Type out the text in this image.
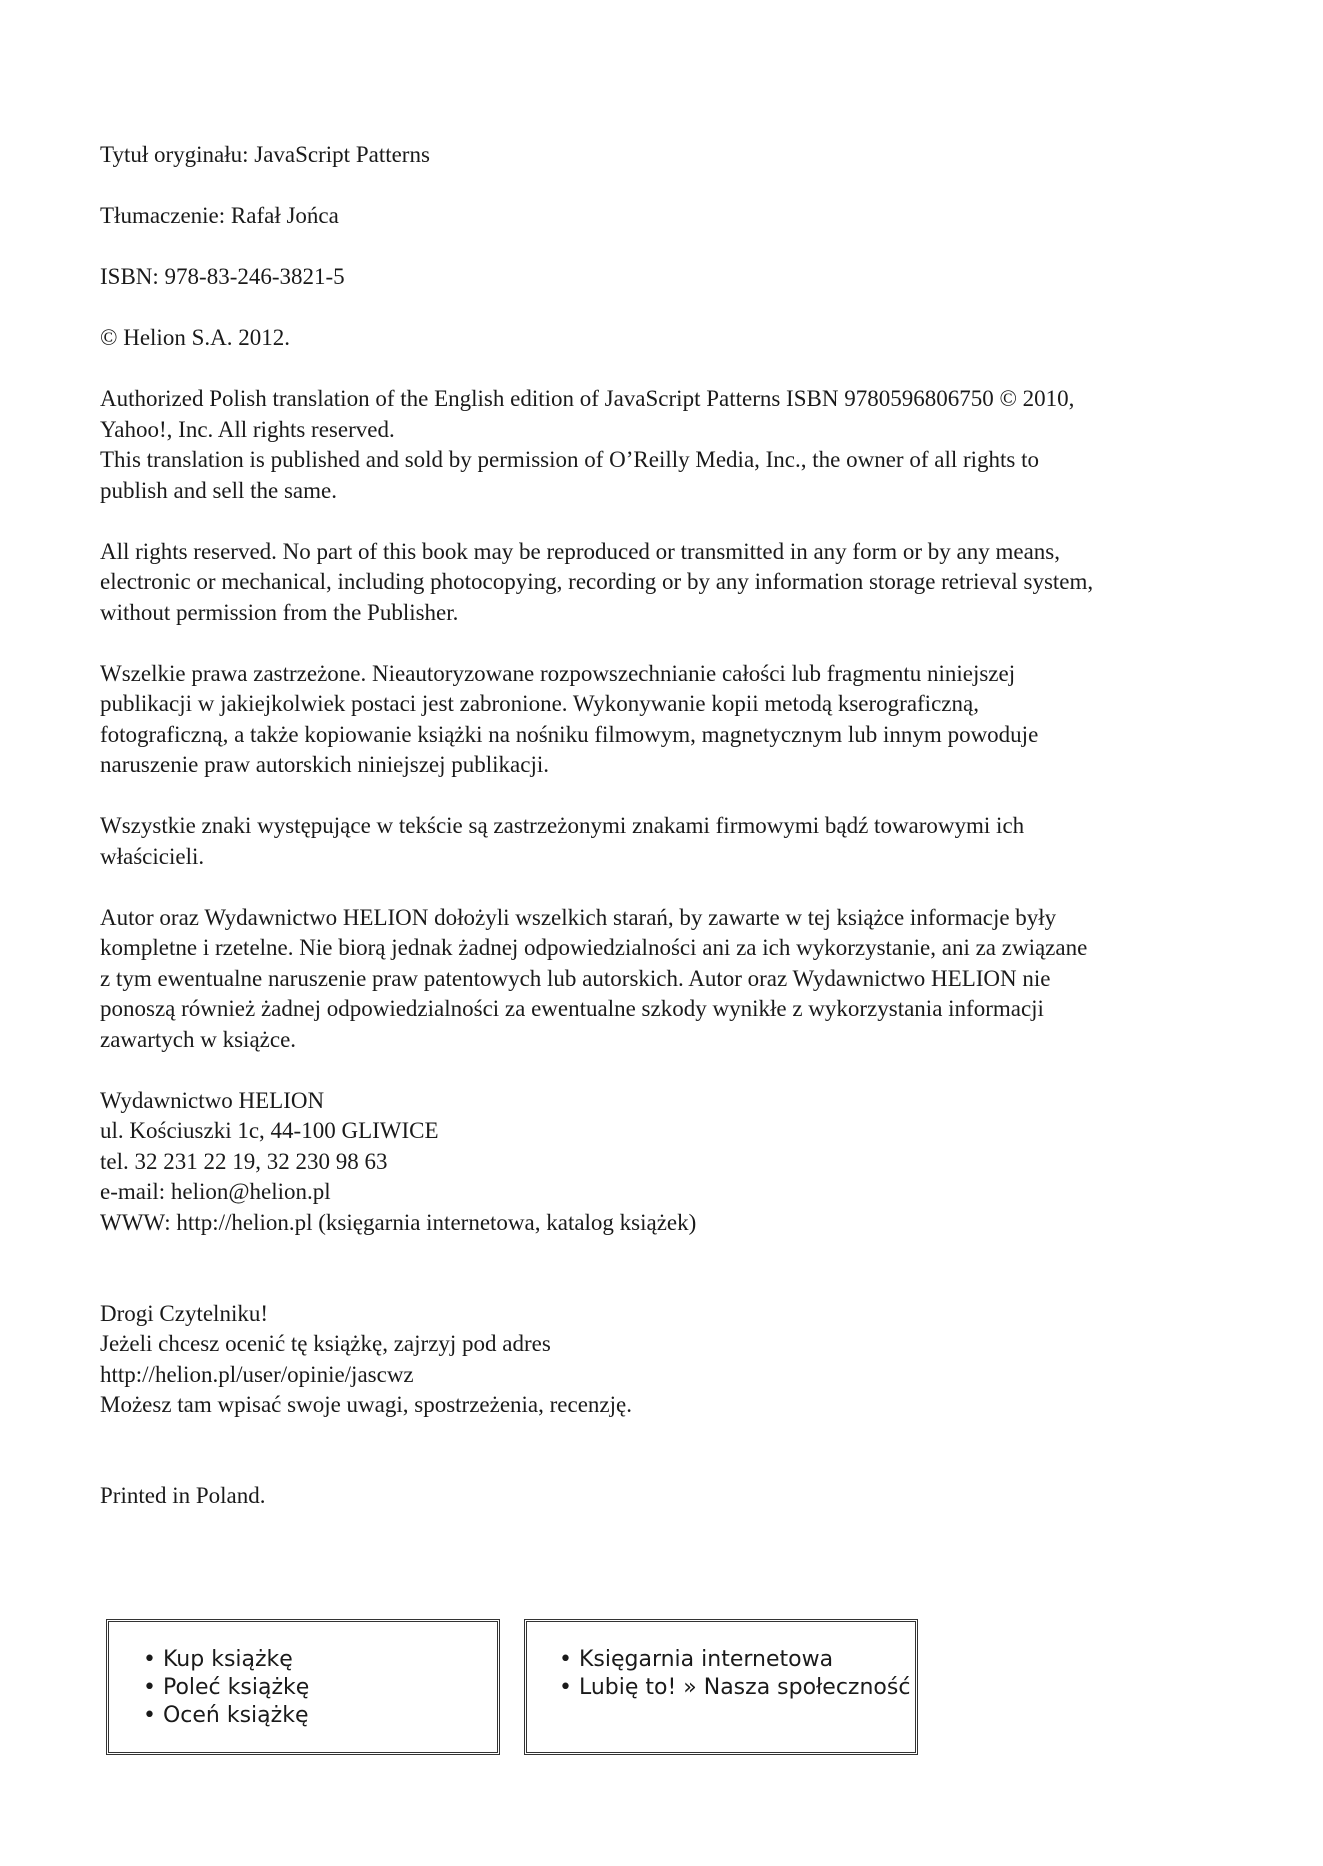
Tytuł oryginału: JavaScript Patterns

Tłumaczenie: Rafał Jońca

ISBN: 978-83-246-3821-5

© Helion S.A. 2012.

Authorized Polish translation of the English edition of JavaScript Patterns ISBN 9780596806750 © 2010,
Yahoo!, Inc. All rights reserved.
This translation is published and sold by permission of O’Reilly Media, Inc., the owner of all rights to
publish and sell the same.

All rights reserved. No part of this book may be reproduced or transmitted in any form or by any means,
electronic or mechanical, including photocopying, recording or by any information storage retrieval system,
without permission from the Publisher.

Wszelkie prawa zastrzeżone. Nieautoryzowane rozpowszechnianie całości lub fragmentu niniejszej
publikacji w jakiejkolwiek postaci jest zabronione. Wykonywanie kopii metodą kserograficzną,
fotograficzną, a także kopiowanie książki na nośniku filmowym, magnetycznym lub innym powoduje
naruszenie praw autorskich niniejszej publikacji.

Wszystkie znaki występujące w tekście są zastrzeżonymi znakami firmowymi bądź towarowymi ich
właścicieli.

Autor oraz Wydawnictwo HELION dołożyli wszelkich starań, by zawarte w tej książce informacje były
kompletne i rzetelne. Nie biorą jednak żadnej odpowiedzialności ani za ich wykorzystanie, ani za związane
z tym ewentualne naruszenie praw patentowych lub autorskich. Autor oraz Wydawnictwo HELION nie
ponoszą również żadnej odpowiedzialności za ewentualne szkody wynikłe z wykorzystania informacji
zawartych w książce.

Wydawnictwo HELION
ul. Kościuszki 1c, 44-100 GLIWICE
tel. 32 231 22 19, 32 230 98 63
e-mail: helion@helion.pl
WWW: http://helion.pl (księgarnia internetowa, katalog książek)

Drogi Czytelniku!
Jeżeli chcesz ocenić tę książkę, zajrzyj pod adres
http://helion.pl/user/opinie/jascwz
Możesz tam wpisać swoje uwagi, spostrzeżenia, recenzję.

Printed in Poland.

• Kup książkę
• Poleć książkę
• Oceń książkę
• Księgarnia internetowa
• Lubię to! » Nasza społeczność
